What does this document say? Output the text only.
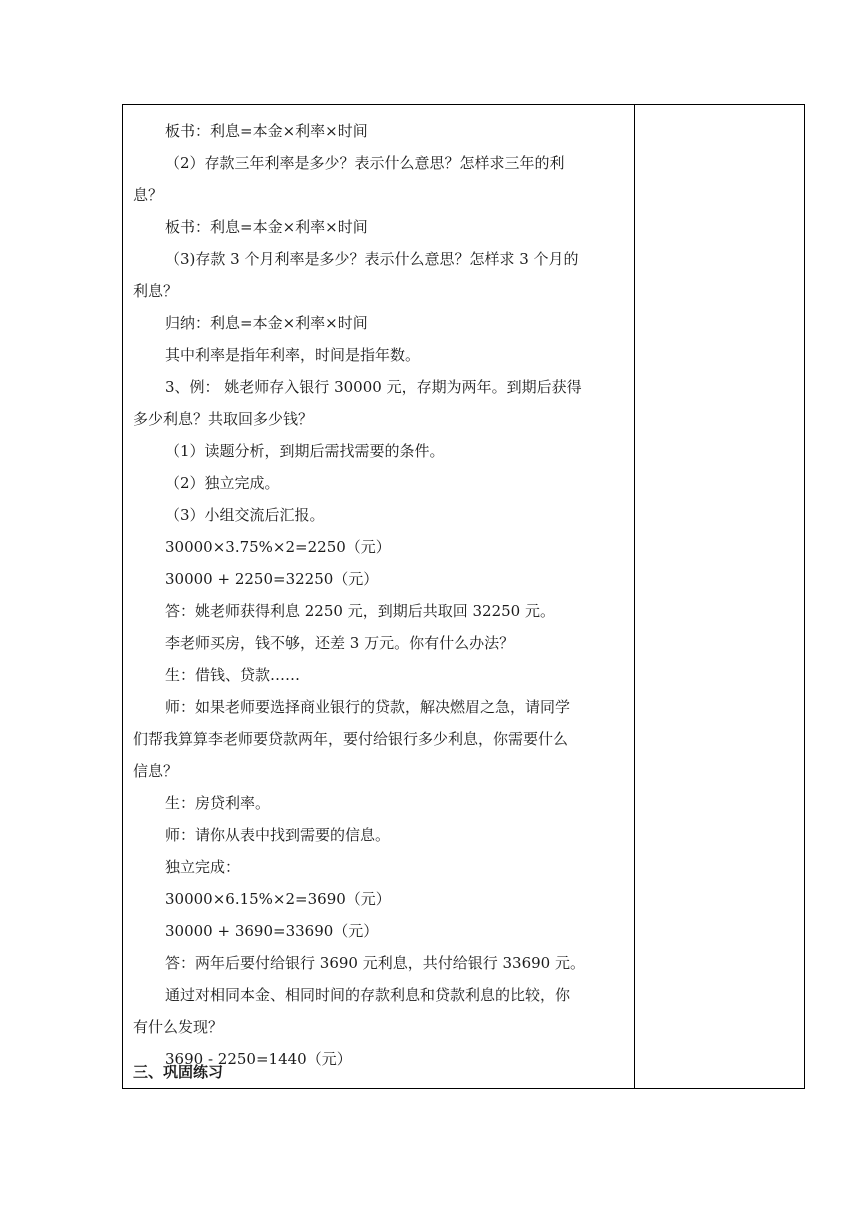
板书：利息=本金×利率×时间
（2）存款三年利率是多少？表示什么意思？怎样求三年的利
息？
板书：利息=本金×利率×时间
（3)存款 3 个月利率是多少？表示什么意思？怎样求 3 个月的
利息？
归纳：利息=本金×利率×时间
其中利率是指年利率，时间是指年数。
3、例： 姚老师存入银行 30000 元，存期为两年。到期后获得
多少利息？共取回多少钱？
（1）读题分析，到期后需找需要的条件。
（2）独立完成。
（3）小组交流后汇报。
30000×3.75%×2=2250（元）
30000 + 2250=32250（元）
答：姚老师获得利息 2250 元，到期后共取回 32250 元。
李老师买房，钱不够，还差 3 万元。你有什么办法？
生：借钱、贷款……
师：如果老师要选择商业银行的贷款，解决燃眉之急，请同学
们帮我算算李老师要贷款两年，要付给银行多少利息，你需要什么
信息？
生：房贷利率。
师：请你从表中找到需要的信息。
独立完成：
30000×6.15%×2=3690（元）
30000 + 3690=33690（元）
答：两年后要付给银行 3690 元利息，共付给银行 33690 元。
通过对相同本金、相同时间的存款利息和贷款利息的比较，你
有什么发现？
3690 - 2250=1440（元）
三、巩固练习
